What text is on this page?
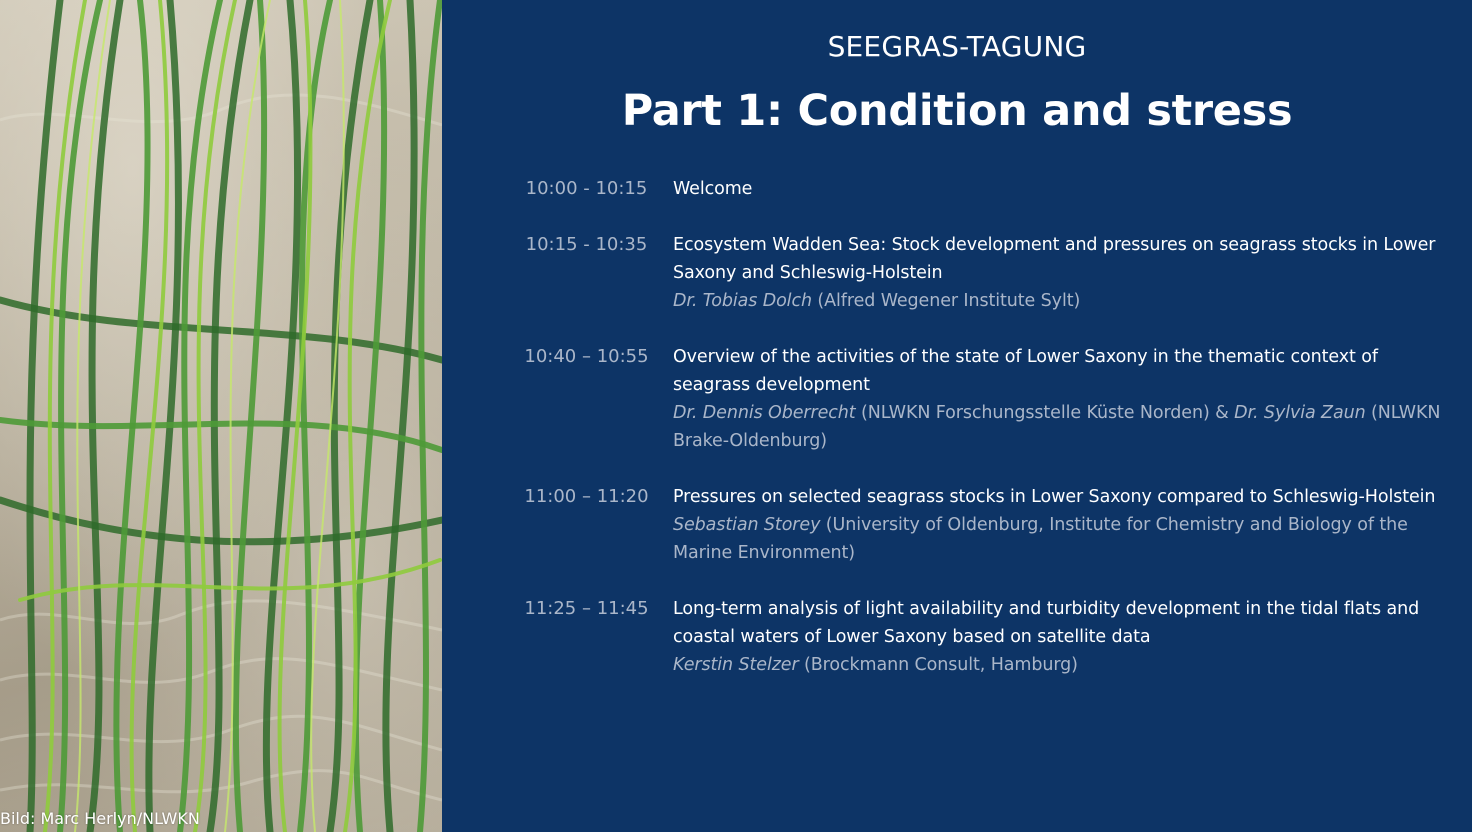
Bild: Marc Herlyn/NLWKN
SEEGRAS-TAGUNG
Part 1: Condition and stress
10:00 - 10:15	Welcome
10:15 - 10:35	Ecosystem Wadden Sea: Stock development and pressures on seagrass stocks in Lower Saxony and Schleswig-Holstein
Dr. Tobias Dolch (Alfred Wegener Institute Sylt)
10:40 – 10:55	Overview of the activities of the state of Lower Saxony in the thematic context of seagrass development
Dr. Dennis Oberrecht (NLWKN Forschungsstelle Küste Norden) & Dr. Sylvia Zaun (NLWKN Brake-Oldenburg)
11:00 – 11:20	Pressures on selected seagrass stocks in Lower Saxony compared to Schleswig-Holstein
Sebastian Storey (University of Oldenburg, Institute for Chemistry and Biology of the Marine Environment)
11:25 – 11:45	Long-term analysis of light availability and turbidity development in the tidal flats and coastal waters of Lower Saxony based on satellite data
Kerstin Stelzer (Brockmann Consult, Hamburg)
